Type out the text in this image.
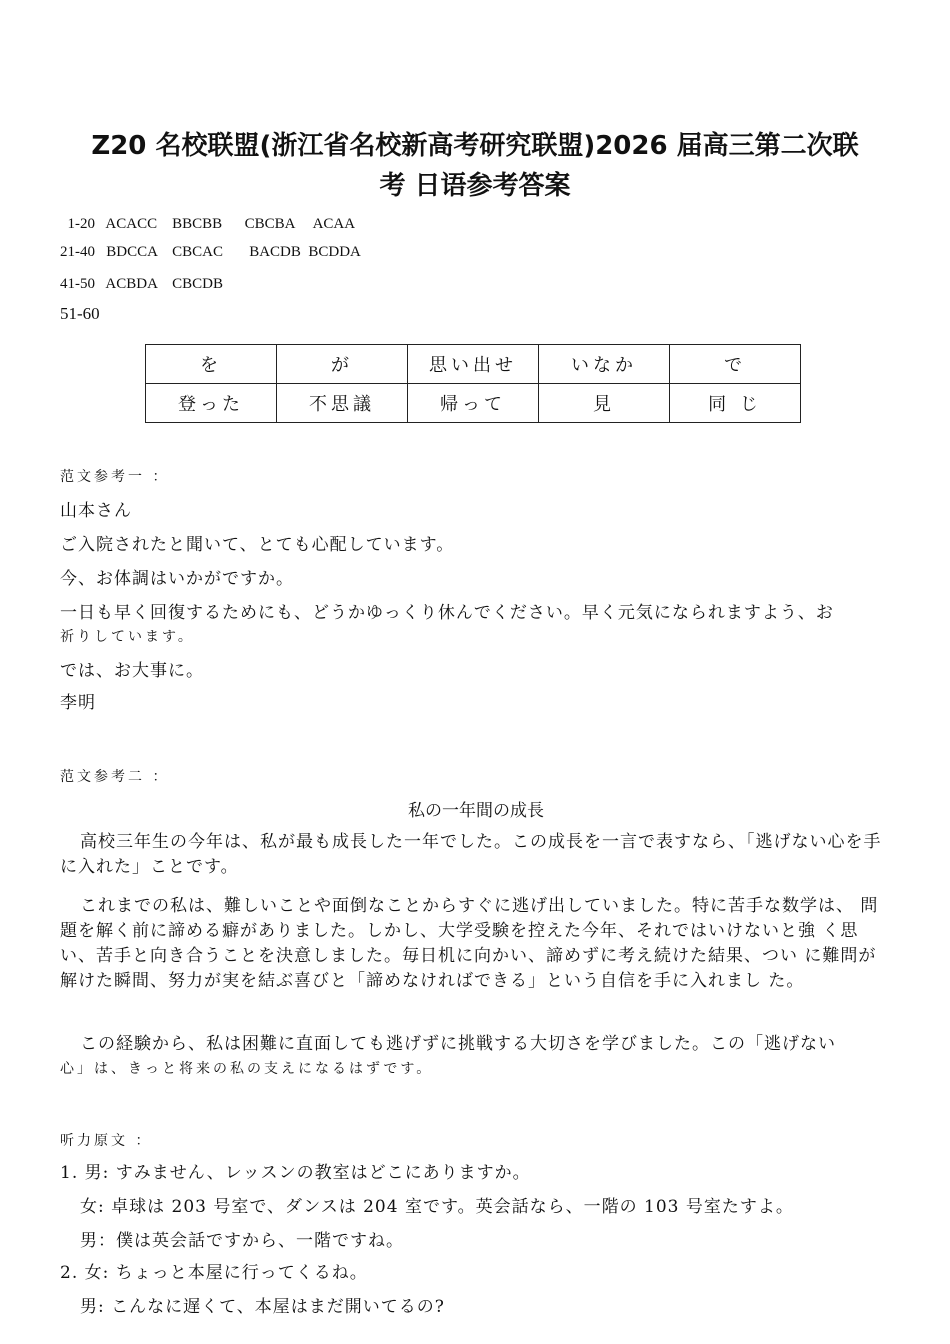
Z20 名校联盟(浙江省名校新高考研究联盟)2026 届高三第二次联
考 日语参考答案
1-20   ACACC    BBCBB      CBCBA     ACAA
21-40   BDCCA    CBCAC       BACDB  BCDDA
41-50   ACBDA    CBCDB
51-60
を	が	思い出せ	いなか	で
登った	不思議	帰って	見	同 じ
范文参考一 ：
山本さん
ご入院されたと聞いて、とても心配しています。
今、お体調はいかがですか。
一日も早く回復するためにも、どうかゆっくり休んでください。早く元気になられますよう、お
祈りしています。
では、お大事に。
李明
范文参考二 ：
私の一年間の成長
高校三年生の今年は、私が最も成長した一年でした。この成長を一言で表すなら、「逃げない心を手に入れた」ことです。
これまでの私は、難しいことや面倒なことからすぐに逃げ出していました。特に苦手な数学は、 問題を解く前に諦める癖がありました。しかし、大学受験を控えた今年、それではいけないと強 く思い、苦手と向き合うことを決意しました。毎日机に向かい、諦めずに考え続けた結果、つい に難問が解けた瞬間、努力が実を結ぶ喜びと「諦めなければできる」という自信を手に入れまし た。
この経験から、私は困難に直面しても逃げずに挑戦する大切さを学びました。この「逃げない
心」は、きっと将来の私の支えになるはずです。
听力原文 ：
1. 男: すみません、レッスンの教室はどこにありますか。
女: 卓球は 203 号室で、ダンスは 204 室です。英会話なら、一階の 103 号室たすよ。
男：僕は英会話ですから、一階ですね。
2. 女: ちょっと本屋に行ってくるね。
男: こんなに遅くて、本屋はまだ開いてるの?
